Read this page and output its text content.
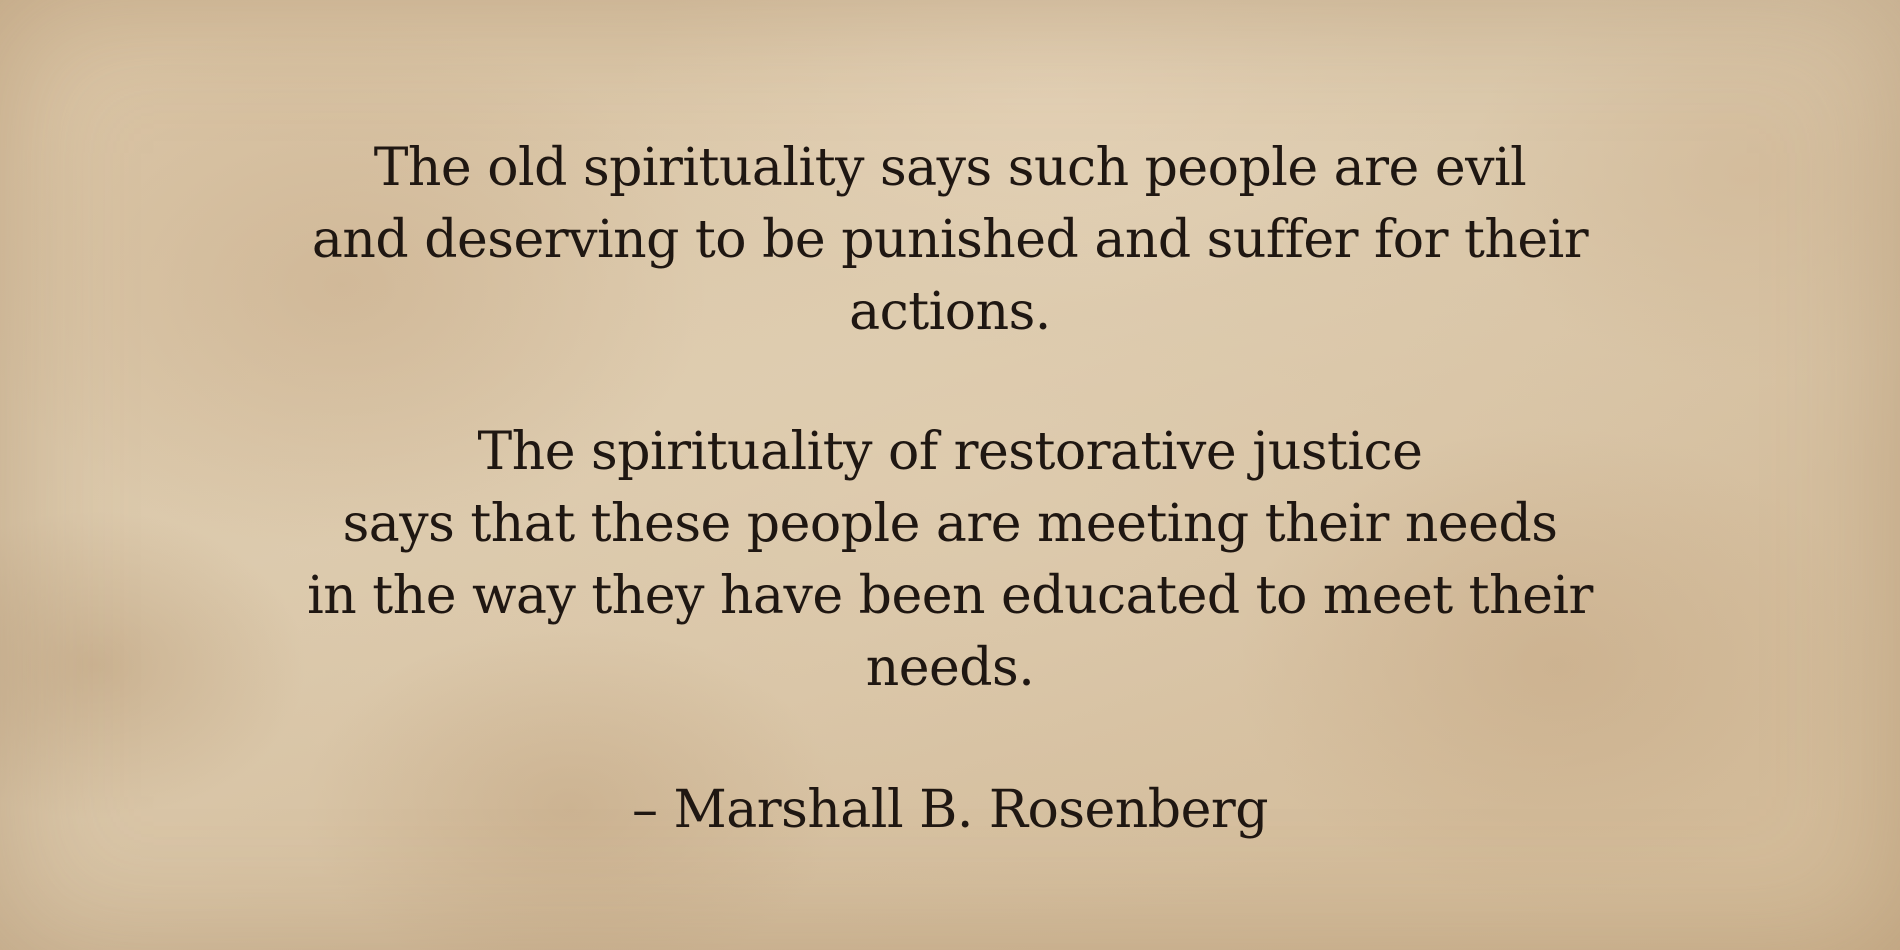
The old spirituality says such people are evil
and deserving to be punished and suffer for their
actions.
The spirituality of restorative justice
says that these people are meeting their needs
in the way they have been educated to meet their
needs.
– Marshall B. Rosenberg
